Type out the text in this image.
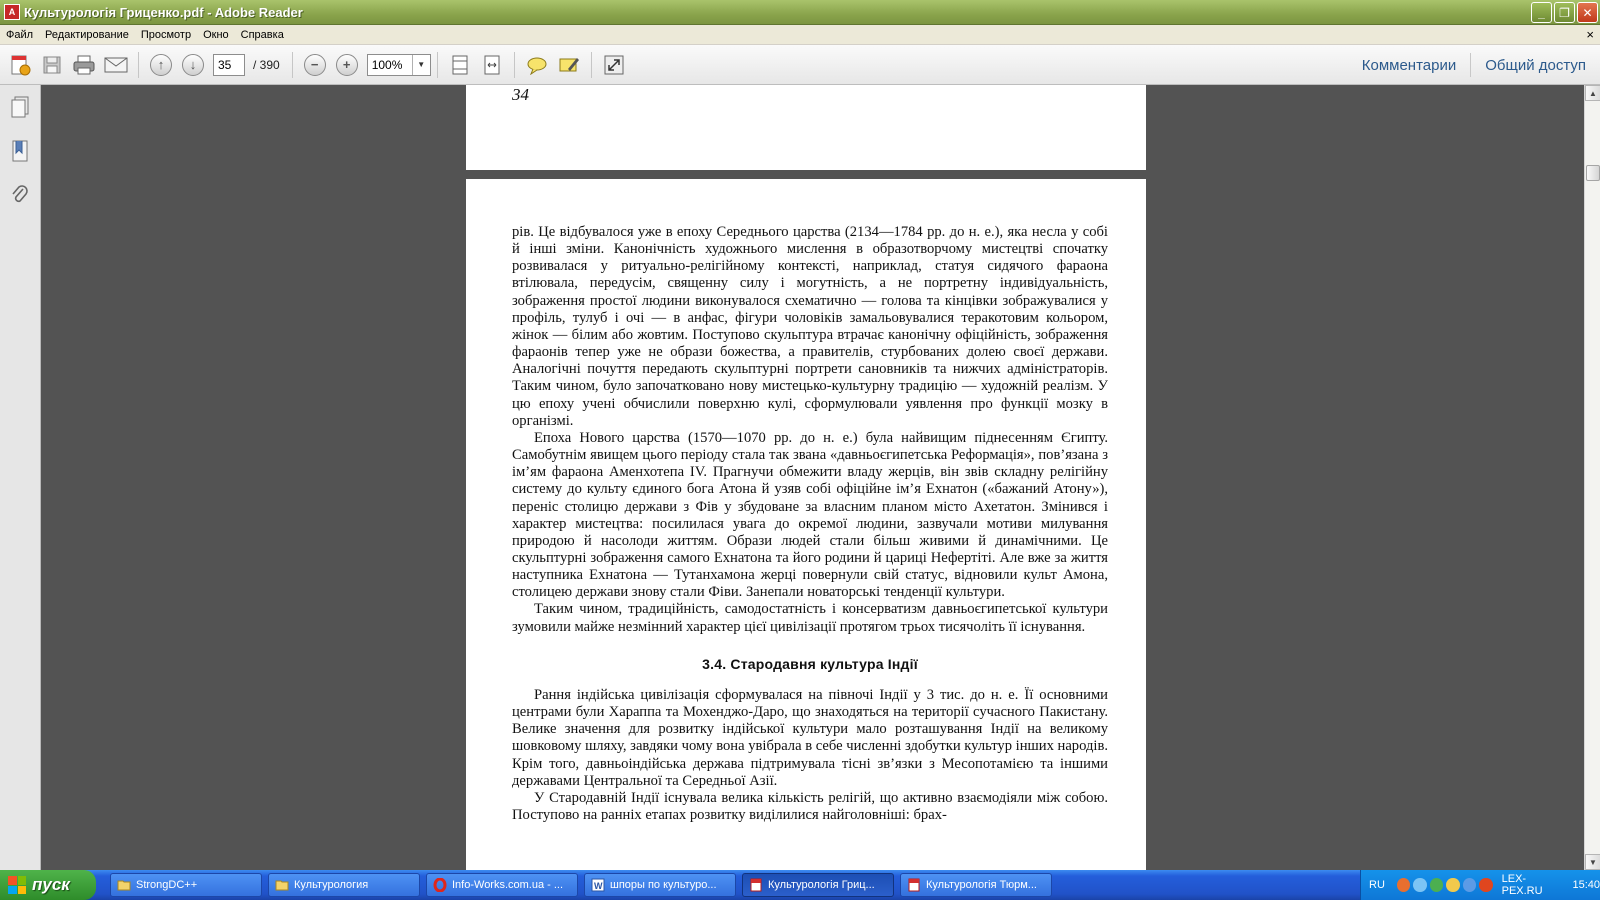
A Культурологія Гриценко.pdf - Adobe Reader	_	❐	✕
Файл	Редактирование	Просмотр	Окно	Справка	×
↑	↓
35	/ 390	−	+
100%	▼	Комментарии	Общий доступ
34

рів. Це відбувалося уже в епоху Середнього царства (2134—1784 pp. до н. е.), яка несла у собі й інші зміни. Канонічність художнього мислення в образотворчому мистецтві спочатку розвивалася у ритуально-релігійному контексті, наприклад, статуя сидячого фараона втілювала, передусім, священну силу і могутність, а не портретну індивідуальність, зображення простої людини виконувалося схематично — голова та кінцівки зображувалися у профіль, тулуб і очі — в анфас, фігури чоловіків замальовувалися теракотовим кольором, жінок — білим або жовтим. Поступово скульптура втрачає канонічну офіційність, зображення фараонів тепер уже не образи божества, а правителів, стурбованих долею своєї держави. Аналогічні почуття передають скульптурні портрети сановників та нижчих адміністраторів. Таким чином, було започатковано нову мистецько-культурну традицію — художній реалізм. У цю епоху учені обчислили поверхню кулі, сформулювали уявлення про функції мозку в організмі.

Епоха Нового царства (1570—1070 pp. до н. е.) була найвищим піднесенням Єгипту. Самобутнім явищем цього періоду стала так звана «давньоєгипетська Реформація», пов’язана з ім’ям фараона Аменхотепа IV. Прагнучи обмежити владу жерців, він звів складну релігійну систему до культу єдиного бога Атона й узяв собі офіційне ім’я Ехнатон («бажаний Атону»), переніс столицю держави з Фів у збудоване за власним планом місто Ахетатон. Змінився і характер мистецтва: посилилася увага до окремої людини, зазвучали мотиви милування природою й насолоди життям. Образи людей стали більш живими й динамічними. Це скульптурні зображення самого Ехнатона та його родини й цариці Нефертіті. Але вже за життя наступника Ехнатона — Тутанхамона жерці повернули свій статус, відновили культ Амона, столицею держави знову стали Фіви. Занепали новаторські тенденції культури.

Таким чином, традиційність, самодостатність і консерватизм давньоєгипетської культури зумовили майже незмінний характер цієї цивілізації протягом трьох тисячоліть її існування.

3.4. Стародавня культура Індії

Рання індійська цивілізація сформувалася на півночі Індії у 3 тис. до н. е. Її основними центрами були Хараппа та Мохенджо-Даро, що знаходяться на території сучасного Пакистану. Велике значення для розвитку індійської культури мало розташування Індії на великому шовковому шляху, завдяки чому вона увібрала в себе численні здобутки культур інших народів. Крім того, давньоіндійська держава підтримувала тісні зв’язки з Месопотамією та іншими державами Центральної та Середньої Азії.

У Стародавній Індії існувала велика кількість релігій, що активно взаємодіяли між собою. Поступово на ранніх етапах розвитку виділилися найголовніші: брах-

▲
▼
пуск	StrongDC++	Культурология	Info-Works.com.ua - ...	W шпоры по культуро...	Культурологія Гриц...	Культурологія Тюрм...	RU	LEX-PEX.RU	15:40
